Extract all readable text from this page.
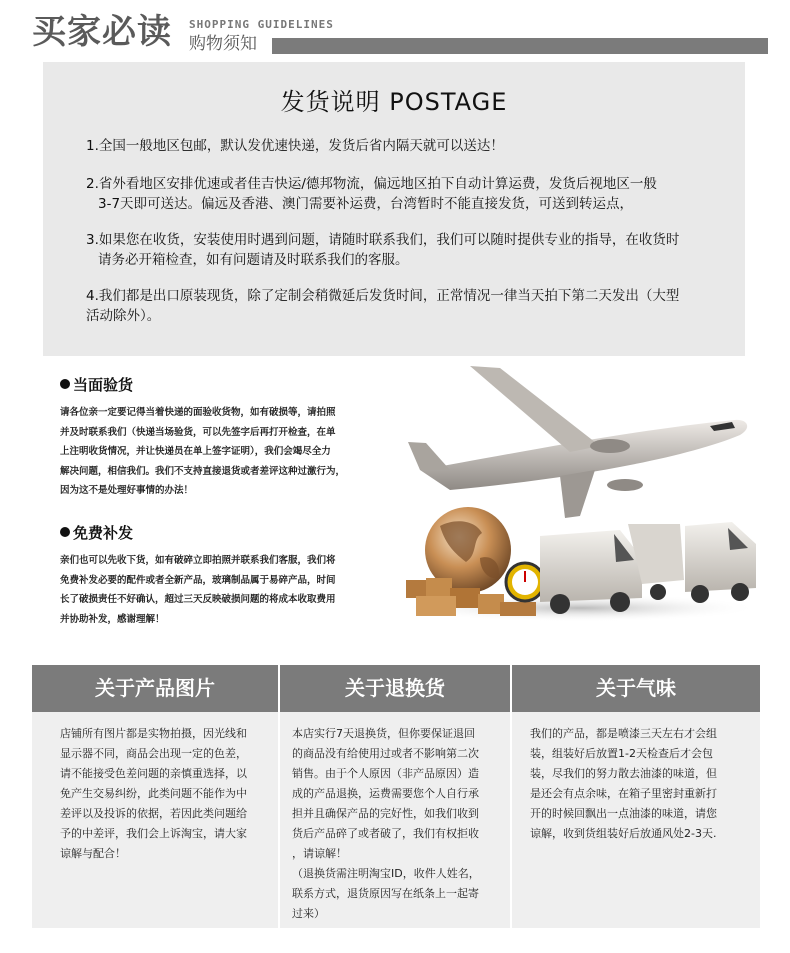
买家必读 SHOPPING GUIDELINES
购物须知
发货说明 POSTAGE
1.全国一般地区包邮，默认发优速快递，发货后省内隔天就可以送达！
2.省外看地区安排优速或者佳吉快运/德邦物流，偏远地区拍下自动计算运费，发货后视地区一般
3-7天即可送达。偏远及香港、澳门需要补运费，台湾暂时不能直接发货，可送到转运点，
3.如果您在收货，安装使用时遇到问题，请随时联系我们，我们可以随时提供专业的指导，在收货时
请务必开箱检查，如有问题请及时联系我们的客服。
4.我们都是出口原装现货，除了定制会稍微延后发货时间，正常情况一律当天拍下第二天发出（大型
活动除外）。
当面验货
请各位亲一定要记得当着快递的面验收货物，如有破损等，请拍照
并及时联系我们（快递当场验货，可以先签字后再打开检查，在单
上注明收货情况，并让快递员在单上签字证明），我们会竭尽全力
解决问题，相信我们。我们不支持直接退货或者差评这种过激行为，
因为这不是处理好事情的办法！
免费补发
亲们也可以先收下货，如有破碎立即拍照并联系我们客服，我们将
免费补发必要的配件或者全新产品，玻璃制品属于易碎产品，时间
长了破损责任不好确认，超过三天反映破损问题的将成本收取费用
并协助补发，感谢理解！
关于产品图片	关于退换货	关于气味

店铺所有图片都是实物拍摄，因光线和

显示器不同，商品会出现一定的色差，

请不能接受色差问题的亲慎重选择，以

免产生交易纠纷，此类问题不能作为中

差评以及投诉的依据，若因此类问题给

予的中差评，我们会上诉淘宝，请大家

谅解与配合！

本店实行7天退换货，但你要保证退回

的商品没有给使用过或者不影响第二次

销售。由于个人原因（非产品原因）造

成的产品退换，运费需要您个人自行承

担并且确保产品的完好性，如我们收到

货后产品碎了或者破了，我们有权拒收

，请谅解！

（退换货需注明淘宝ID，收件人姓名，

联系方式，退货原因写在纸条上一起寄

过来）

我们的产品，都是喷漆三天左右才会组

装，组装好后放置1-2天检查后才会包

装，尽我们的努力散去油漆的味道，但

是还会有点余味，在箱子里密封重新打

开的时候回飘出一点油漆的味道，请您

谅解，收到货组装好后放通风处2-3天.
